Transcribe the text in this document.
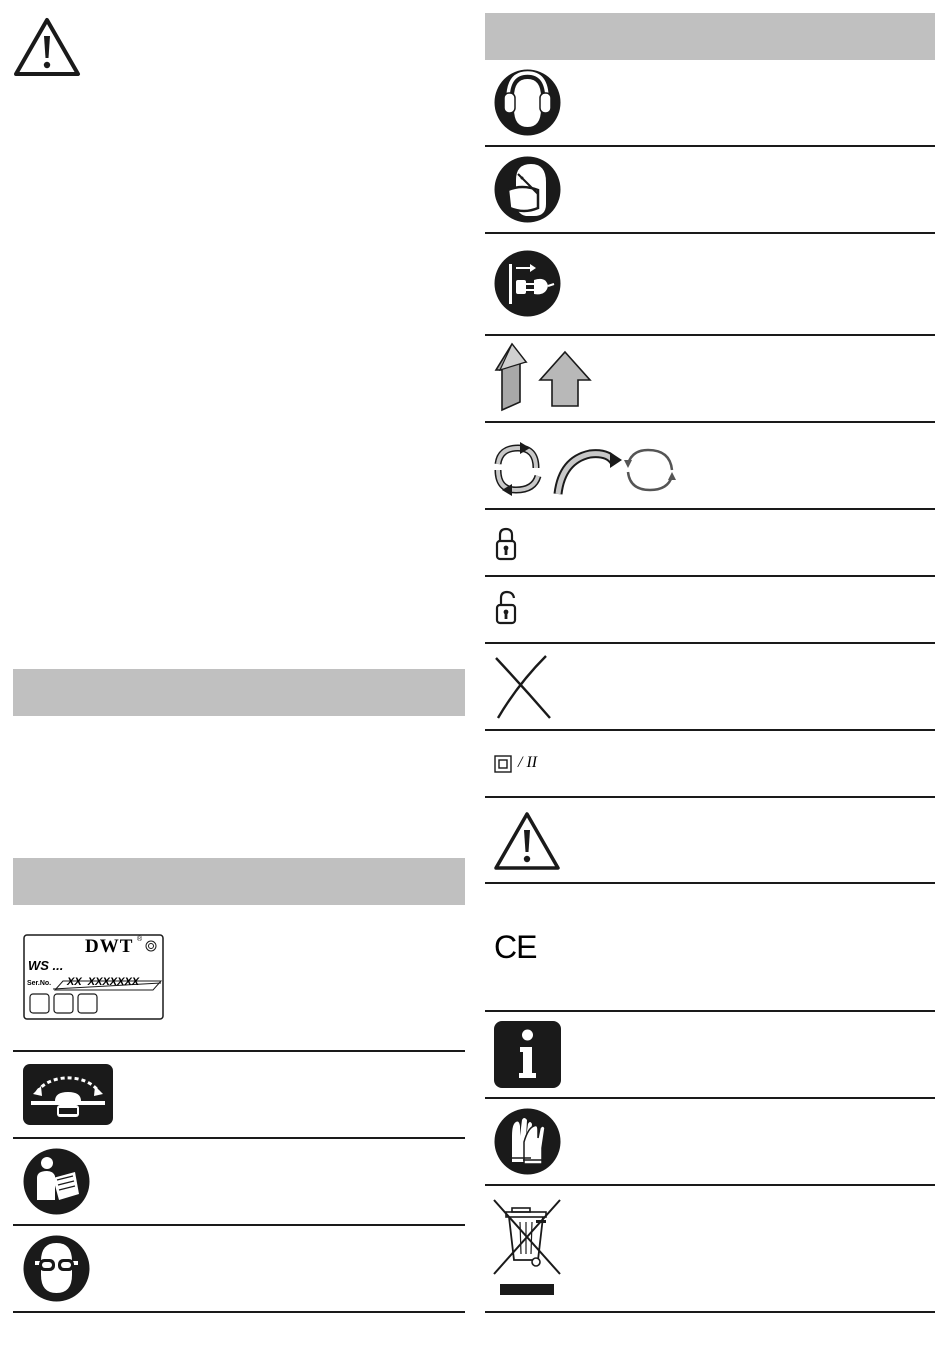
DWT ®
WS ...
Ser.No. XX  XXXXXXX
/ II
CE
